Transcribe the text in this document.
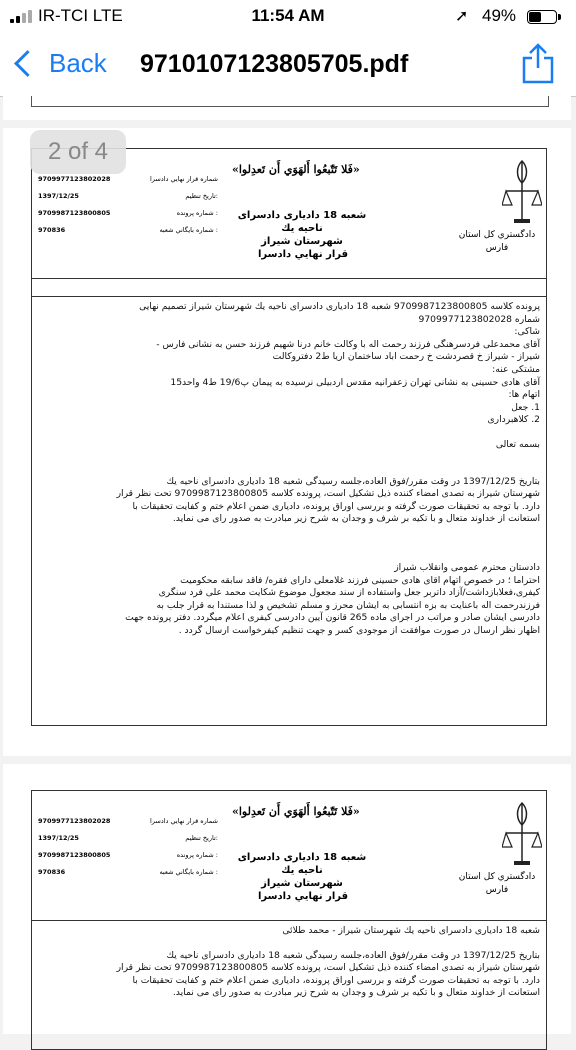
IR-TCI LTE	11:54 AM	➚ 49%
Back 9710107123805705.pdf
2 of 4
«فَلا تَتّبعُوا أَلهَوَي أَن تَعدِلوا»
9709977123802028	شماره قرار نهايي دادسرا
1397/12/25	تاريخ تنظيم:
9709987123800805	شماره پرونده :
970836	شماره بايگاني شعبه :
شعبه 18 داديارى دادسراى ناحيه يك
شهرستان شيراز
قرار نهايي دادسرا
دادگستري كل استان
فارس

پرونده كلاسه 9709987123800805 شعبه 18 داديارى دادسراى ناحيه يك شهرستان شيراز تصميم نهايى

شماره 9709977123802028

شاكى:

آقاى محمدعلى فردسرهنگى فرزند رحمت اله با وكالت خانم درنا شهيم فرزند حسن به نشانى فارس -

شيراز - شيراز خ قصردشت خ رحمت اباد ساختمان اريا ط2 دفتروكالت

مشتكى عنه:

آقاى هادى حسينى به نشانى تهران زعفرانيه مقدس اردبيلى نرسيده به پيمان پ19/6 ط4 واحد15

اتهام ها:

1. جعل

2. كلاهبردارى

بسمه تعالى

بتاريخ 1397/12/25 در وقت مقرر/فوق العاده،جلسه رسيدگى شعبه 18 داديارى دادسراى ناحيه يك

شهرستان شيراز به تصدى امضاء كننده ذيل تشكيل است، پرونده كلاسه 9709987123800805 تحت نظر قرار

دارد. با توجه به تحقيقات صورت گرفته و بررسى اوراق پرونده، داديارى ضمن اعلام ختم و كفايت تحقيقات با

استعانت از خداوند متعال و با تكيه بر شرف و وجدان به شرح زير مبادرت به صدور راى مى نمايد.

دادستان محترم عمومى وانقلاب شيراز

احتراما ؛ در خصوص اتهام اقاى هادى حسينى فرزند غلامعلى داراى فقره/ فاقد سابقه محكوميت

كيفرى،فعلابازداشت/آزاد داتربر جعل واستفاده از سند مجعول موضوع شكايت محمد على فرد سنگرى

فرزندرحمت اله باعنايت به بزه انتسابى به ايشان محرز و مسلم تشخيص و لذا مستندا به قرار جلب به

دادرسى ايشان صادر و مراتب در اجراى ماده 265 قانون آيين دادرسى كيفرى اعلام ميگردد. دفتر پرونده جهت

اظهار نظر ارسال در صورت موافقت از موجودى كسر و جهت تنظيم كيفرخواست ارسال گردد .

«فَلا تَتّبعُوا أَلهَوَي أَن تَعدِلوا»
9709977123802028	شماره قرار نهايي دادسرا
1397/12/25	تاريخ تنظيم:
9709987123800805	شماره پرونده :
970836	شماره بايگاني شعبه :
شعبه 18 داديارى دادسراى ناحيه يك
شهرستان شيراز
قرار نهايي دادسرا
دادگستري كل استان
فارس

شعبه 18 داديارى دادسراى ناحيه يك شهرستان شيراز - محمد طلائى

بتاريخ 1397/12/25 در وقت مقرر/فوق العاده،جلسه رسيدگى شعبه 18 داديارى دادسراى ناحيه يك

شهرستان شيراز به تصدى امضاء كننده ذيل تشكيل است، پرونده كلاسه 9709987123800805 تحت نظر قرار

دارد. با توجه به تحقيقات صورت گرفته و بررسى اوراق پرونده، داديارى ضمن اعلام ختم و كفايت تحقيقات با

استعانت از خداوند متعال و با تكيه بر شرف و وجدان به شرح زير مبادرت به صدور راى مى نمايد.
